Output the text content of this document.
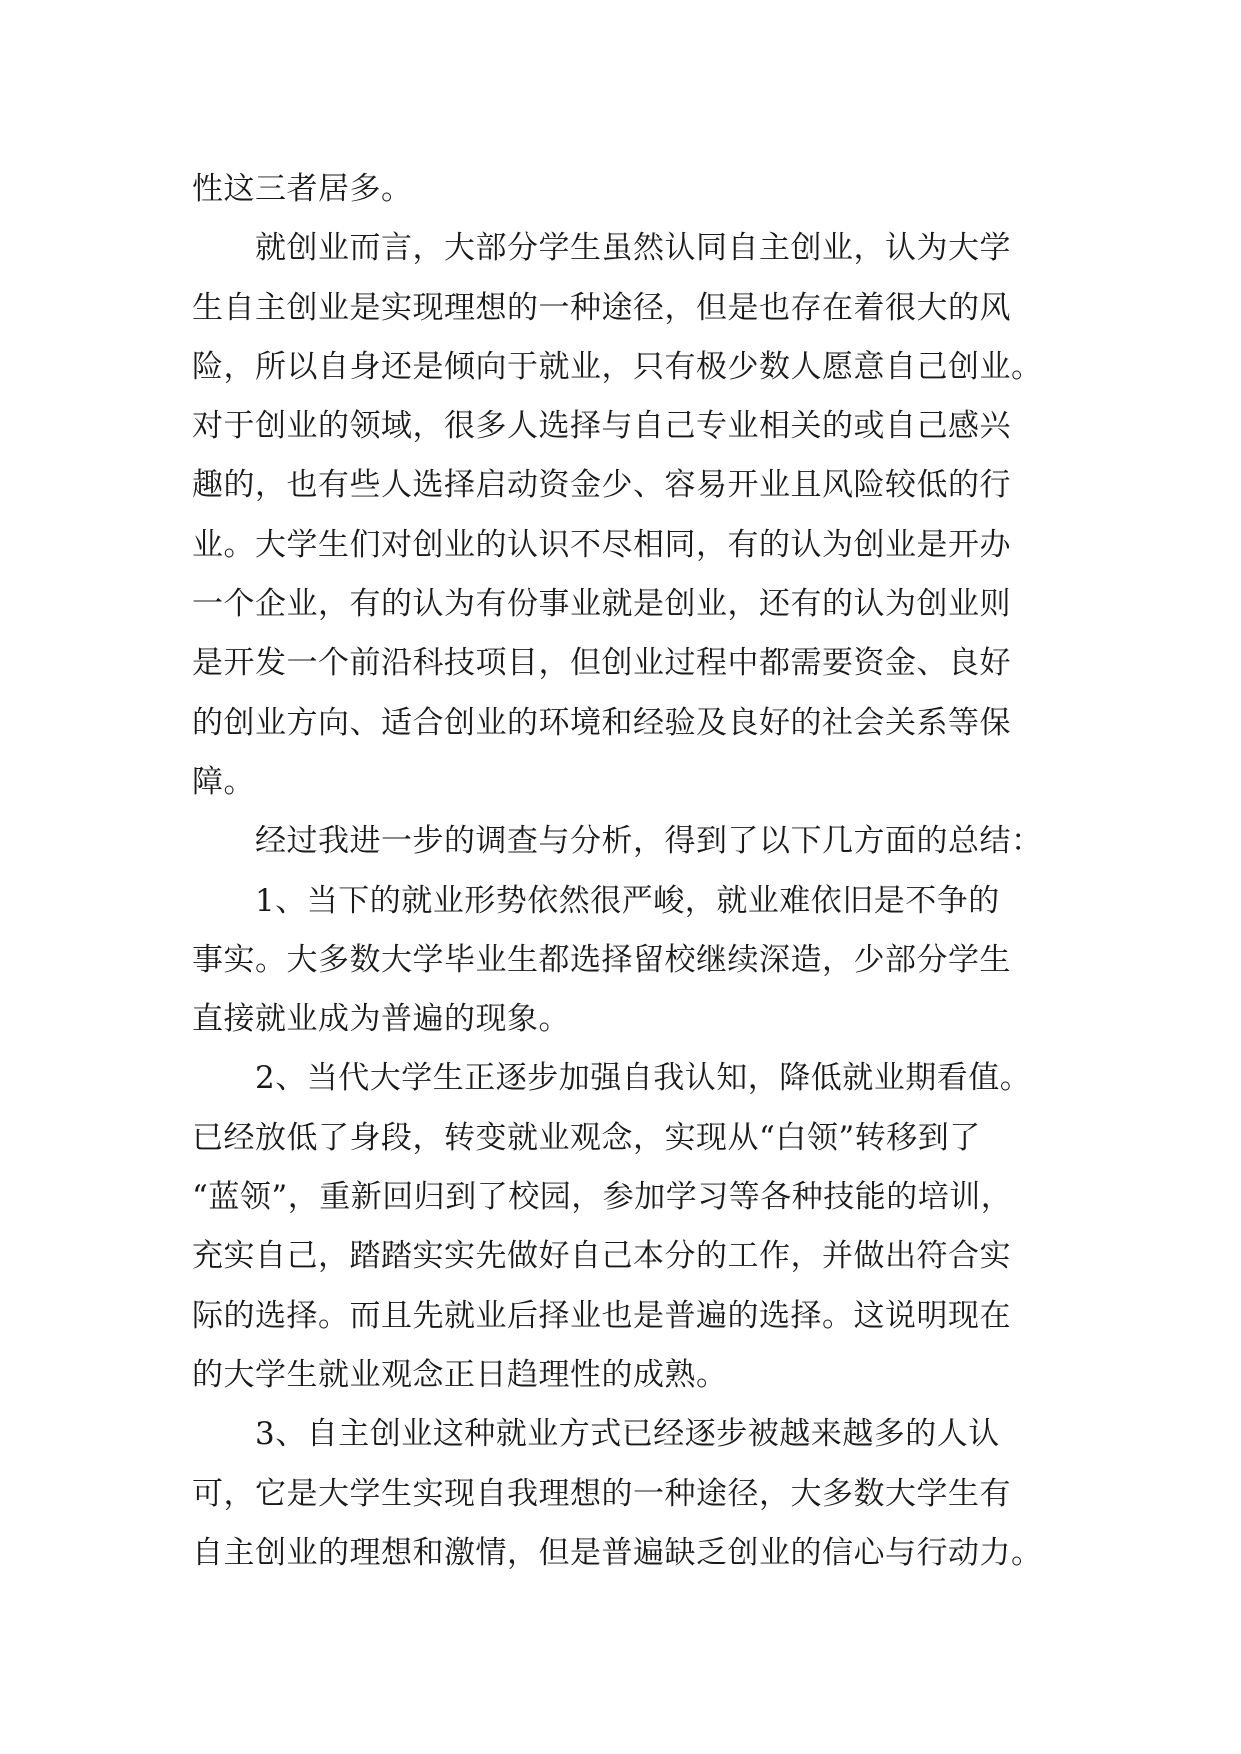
性这三者居多。
　　就创业而言，大部分学生虽然认同自主创业，认为大学
生自主创业是实现理想的一种途径，但是也存在着很大的风
险，所以自身还是倾向于就业，只有极少数人愿意自己创业。
对于创业的领域，很多人选择与自己专业相关的或自己感兴
趣的，也有些人选择启动资金少、容易开业且风险较低的行
业。大学生们对创业的认识不尽相同，有的认为创业是开办
一个企业，有的认为有份事业就是创业，还有的认为创业则
是开发一个前沿科技项目，但创业过程中都需要资金、良好
的创业方向、适合创业的环境和经验及良好的社会关系等保
障。
　　经过我进一步的调查与分析，得到了以下几方面的总结：
　　1、当下的就业形势依然很严峻，就业难依旧是不争的
事实。大多数大学毕业生都选择留校继续深造，少部分学生
直接就业成为普遍的现象。
　　2、当代大学生正逐步加强自我认知，降低就业期看值。
已经放低了身段，转变就业观念，实现从“白领”转移到了
“蓝领”，重新回归到了校园，参加学习等各种技能的培训，
充实自己，踏踏实实先做好自己本分的工作，并做出符合实
际的选择。而且先就业后择业也是普遍的选择。这说明现在
的大学生就业观念正日趋理性的成熟。
　　3、自主创业这种就业方式已经逐步被越来越多的人认
可，它是大学生实现自我理想的一种途径，大多数大学生有
自主创业的理想和激情，但是普遍缺乏创业的信心与行动力。
